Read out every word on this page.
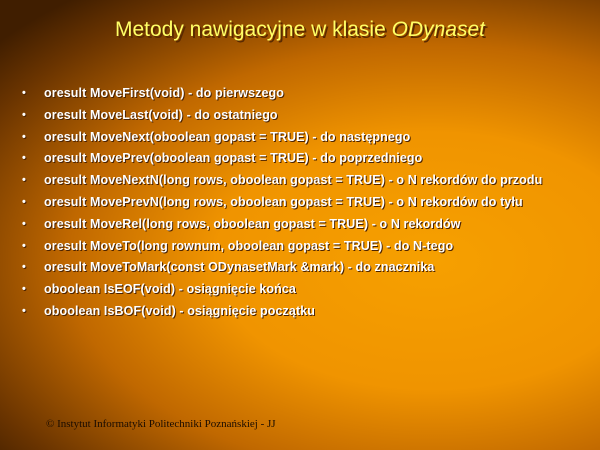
Metody nawigacyjne w klasie ODynaset
•	oresult MoveFirst(void) - do pierwszego
•	oresult MoveLast(void) - do ostatniego
•	oresult MoveNext(oboolean gopast = TRUE) - do następnego
•	oresult MovePrev(oboolean gopast = TRUE) - do poprzedniego
•	oresult MoveNextN(long rows, oboolean gopast = TRUE) - o N rekordów do przodu
•	oresult MovePrevN(long rows, oboolean gopast = TRUE) - o N rekordów do tyłu
•	oresult MoveRel(long rows, oboolean gopast = TRUE) - o N rekordów
•	oresult MoveTo(long rownum, oboolean gopast = TRUE) - do N-tego
•	oresult MoveToMark(const ODynasetMark &mark) - do znacznika
•	oboolean IsEOF(void) - osiągnięcie końca
•	oboolean IsBOF(void) - osiągnięcie początku
© Instytut Informatyki Politechniki Poznańskiej - JJ
